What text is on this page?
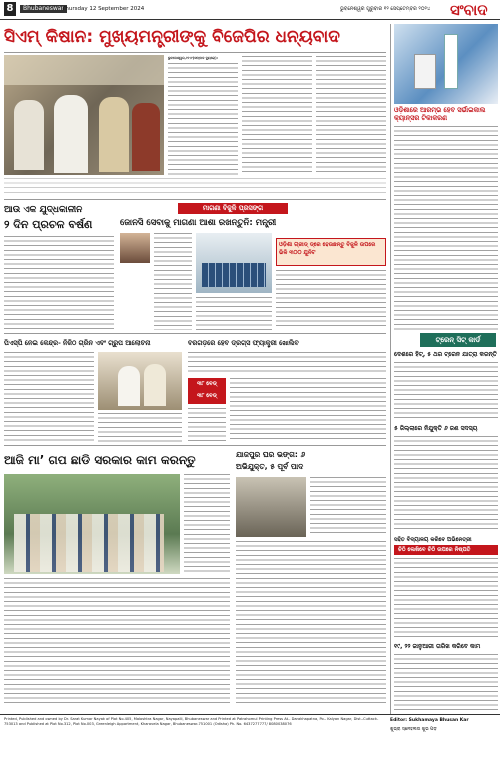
8	Bhubaneswar
Thursday 12 September 2024	ଭୁବନେଶ୍ୱର ଗୁରୁବାର ୧୨ ସେପ୍ଟେମ୍ବର ୨୦୨୪	ସଂବାଦ
ସିଏମ୍ କିଷାନ: ମୁଖ୍ୟମନ୍ତ୍ରୀଙ୍କୁ ବିଜେପିର ଧନ୍ୟବାଦ
ଭୁବନେଶ୍ୱର,୧୧।୯(ସମ୍ବାଦ ବ୍ୟୁରୋ):
ଓଡ଼ିଶାରେ ଆରମ୍ଭ ହେବ ସର୍ଭାଇକାଲ କ୍ୟାନ୍ସର ଟିକାକରଣ
ଟ୍ରେନ୍ ସିଟ୍ କାର୍ଡ
ଦେଶରେ ହିଟ୍, ୫ ଥର ଟ୍ରେନ ଯାତ୍ରା କରନ୍ତି
୫ ଜିଲ୍ଲାରେ ନିଯୁକ୍ତି ୬ ଜଣ ସଦସ୍ୟ
ସହିତ ବିଦ୍ୟାଳୟ କରିବେ ଅଭିନେତ୍ରୀ
ଚିଠି ଲେଖିବେ ଚିଠି ଉପରେ ନିଷ୍ପତି
୧୯, ୨୨ ଜାନୁଆରୀ ତାରିଖ କରିବେ କାମ
ଆଉ ଏକ ଯୁଦ୍ଧକାଳୀନ
୨ ଦିନ ପ୍ରଚଳ ବର୍ଷଣ
ମାଗଣା ବିଜୁଳି ପ୍ରସଙ୍ଗ
ଜୋନସି ସେବାକୁ ମାଗଣା ଆଶା ରଖନ୍ତୁନି: ମନ୍ତ୍ରୀ
ଓଡ଼ିଶା ଗ୍ରୀଡ୍ ଡ୍ରେ ହେଉଛନ୍ତୁ ବିଜୁଳି ଉପରେ ଭିଳି ୩୦୦ ଯୁନିଟ
ପିଏସ୍‌ପି ନେଇ କେନ୍ଦ୍ର- ନିଜିଠ ଗ୍ରିନ ଏବଂ ଗ୍ରୁପ ଆଲୋଚନା	ବରଗଡ଼ରେ ହେବ ଡ୍ରଗ୍ସ ଫ୍ୟାକ୍ଟ୍ରୀ ଖୋଲିବ
୩୮ ବେଡ୍
୩୮ ବେଡ୍
ଆଜି ମା’ ଗପ ଛାଡି ସରକାର କାମ କରନ୍ତୁ	ଯାଜପୁର ଘର ଭଙ୍ଗ: ୬
ଅଭିଯୁକ୍ତ, ୫ ପୂର୍ବ ପାଦ
Printed, Published and owned by Dr. Sarat Kumar Nayak of Plot No.405, Maloshtra Nagar, Nayapalli, Bhubaneswar and Printed at Patrahomul Printing Press At.- Darakhapatna, Po.- Kalyan Nagar, Dist.-Cuttack-753013 and Published at Plot No.312, Plot No.003, Greenleigh Appartment, Kharavela Nagar, Bhubaneswar-751001 (Odisha) Ph. No. 6437277777/ 8080038076
Editor: Sukhamaya Bhusan Kar
ଶୁଭ୍ରା ସ୍ନେହଲତା ଶୁଭ ପଡ଼
